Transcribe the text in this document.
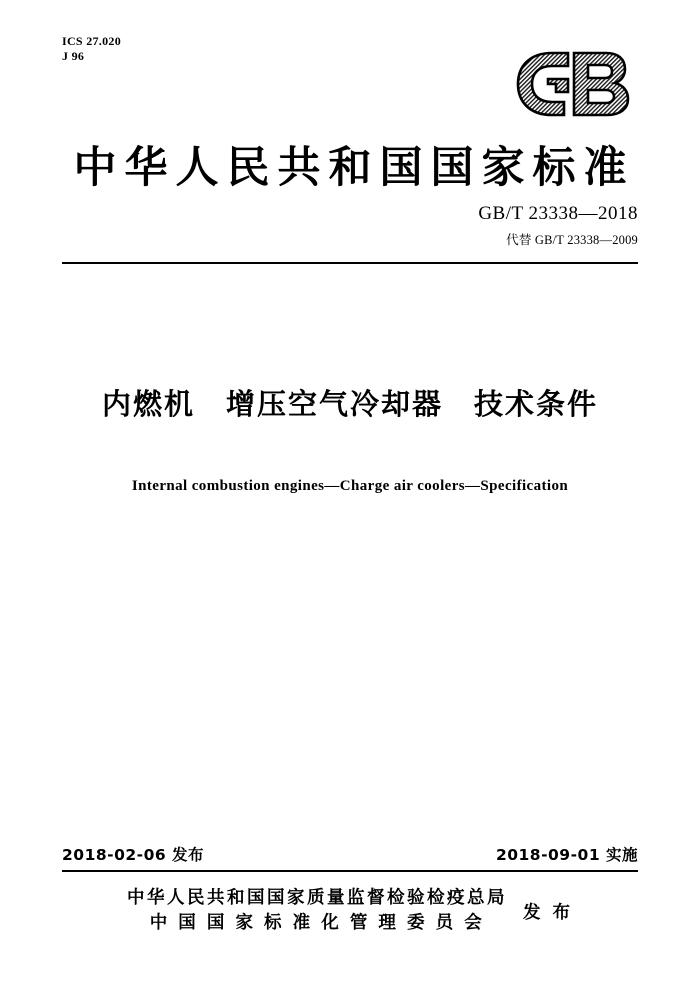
ICS 27.020
J 96
中华人民共和国国家标准
GB/T 23338—2018
代替 GB/T 23338—2009
内燃机　增压空气冷却器　技术条件
Internal combustion engines—Charge air coolers—Specification
2018-02-06 发布	2018-09-01 实施
中华人民共和国国家质量监督检验检疫总局
中 国 国 家 标 准 化 管 理 委 员 会
发 布
